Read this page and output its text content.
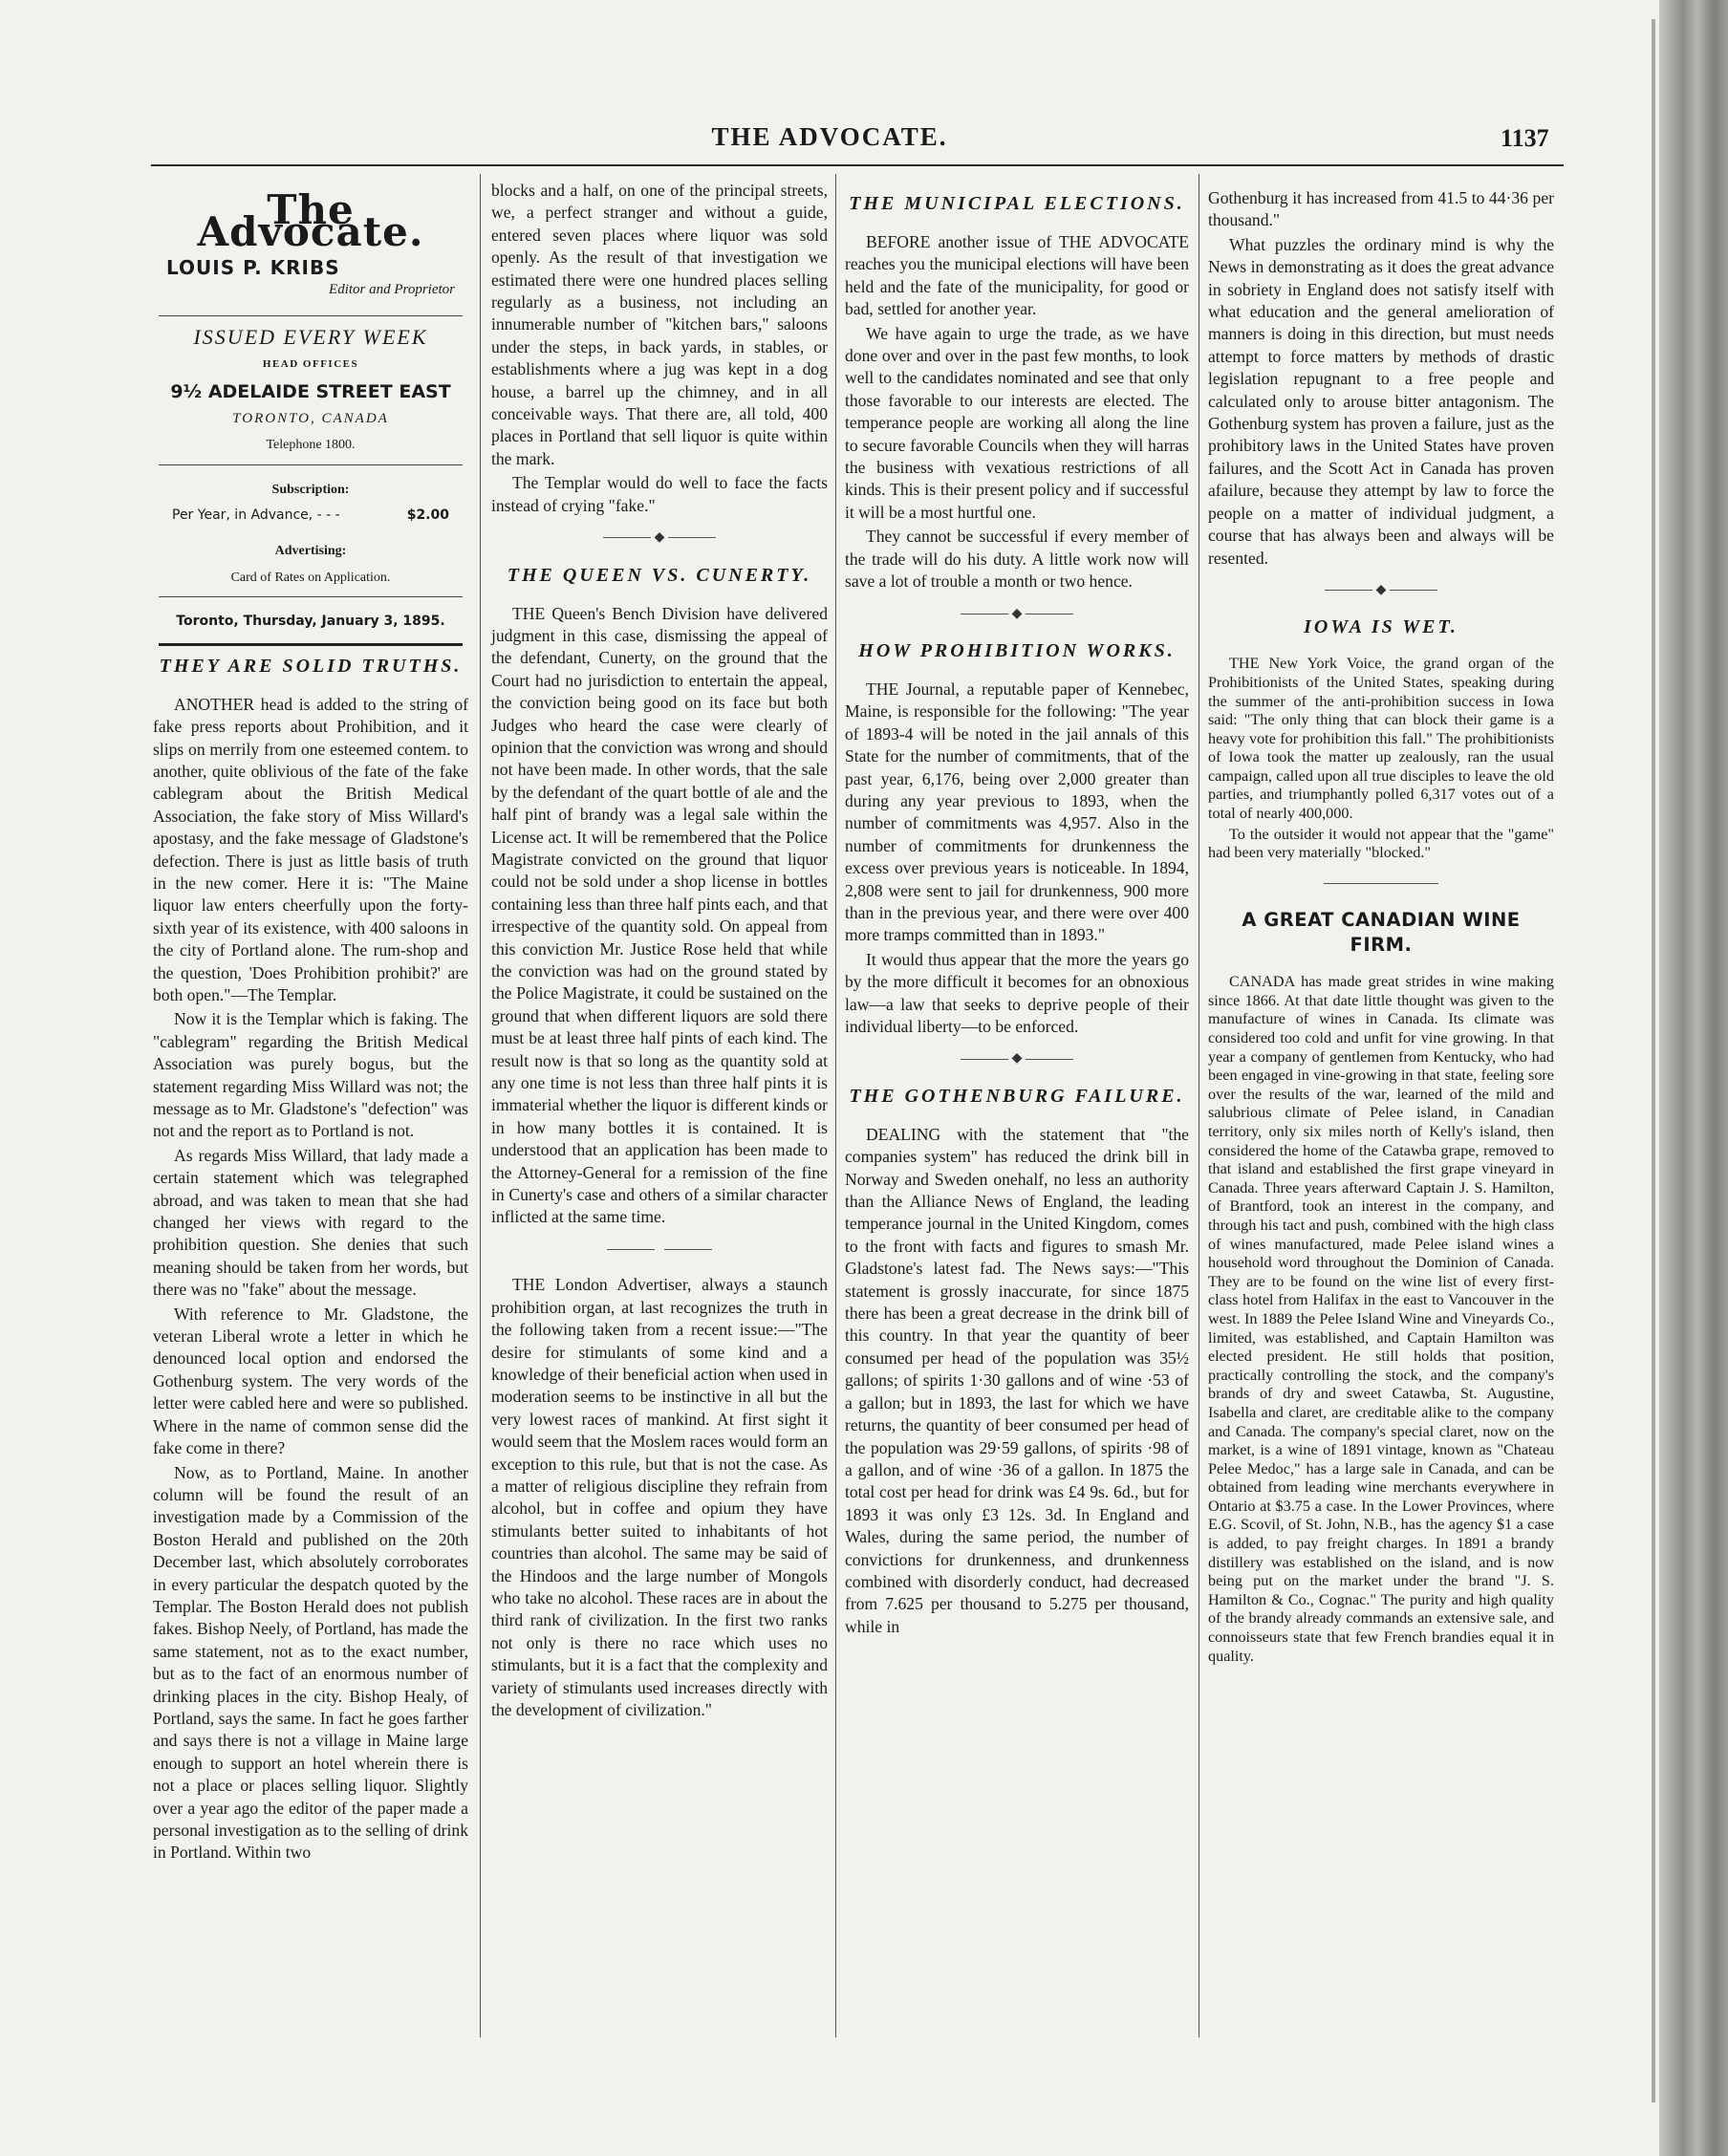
THE ADVOCATE.	1137
The Advocate.
LOUIS P. KRIBS
Editor and Proprietor
ISSUED EVERY WEEK
HEAD OFFICES
9½ ADELAIDE STREET EAST
TORONTO, CANADA
Telephone 1800.
Subscription:
Per Year, in Advance, - - -	$2.00
Advertising:
Card of Rates on Application.
Toronto, Thursday, January 3, 1895.
THEY ARE SOLID TRUTHS.

ANOTHER head is added to the string of fake press reports about Prohibition, and it slips on merrily from one esteemed contem. to another, quite oblivious of the fate of the fake cablegram about the British Medical Association, the fake story of Miss Willard's apostasy, and the fake message of Gladstone's defection. There is just as little basis of truth in the new comer. Here it is: "The Maine liquor law enters cheerfully upon the forty-sixth year of its existence, with 400 saloons in the city of Portland alone. The rum-shop and the question, 'Does Prohibition prohibit?' are both open."—The Templar.

Now it is the Templar which is faking. The "cablegram" regarding the British Medical Association was purely bogus, but the statement regarding Miss Willard was not; the message as to Mr. Gladstone's "defection" was not and the report as to Portland is not.

As regards Miss Willard, that lady made a certain statement which was telegraphed abroad, and was taken to mean that she had changed her views with regard to the prohibition question. She denies that such meaning should be taken from her words, but there was no "fake" about the message.

With reference to Mr. Gladstone, the veteran Liberal wrote a letter in which he denounced local option and endorsed the Gothenburg system. The very words of the letter were cabled here and were so published. Where in the name of common sense did the fake come in there?

Now, as to Portland, Maine. In another column will be found the result of an investigation made by a Commission of the Boston Herald and published on the 20th December last, which absolutely corroborates in every particular the despatch quoted by the Templar. The Boston Herald does not publish fakes. Bishop Neely, of Portland, has made the same statement, not as to the exact number, but as to the fact of an enormous number of drinking places in the city. Bishop Healy, of Portland, says the same. In fact he goes farther and says there is not a village in Maine large enough to support an hotel wherein there is not a place or places selling liquor. Slightly over a year ago the editor of the paper made a personal investigation as to the selling of drink in Portland. Within two

blocks and a half, on one of the principal streets, we, a perfect stranger and without a guide, entered seven places where liquor was sold openly. As the result of that investigation we estimated there were one hundred places selling regularly as a business, not including an innumerable number of "kitchen bars," saloons under the steps, in back yards, in stables, or establishments where a jug was kept in a dog house, a barrel up the chimney, and in all conceivable ways. That there are, all told, 400 places in Portland that sell liquor is quite within the mark.

The Templar would do well to face the facts instead of crying "fake."

◆
THE QUEEN VS. CUNERTY.

THE Queen's Bench Division have delivered judgment in this case, dismissing the appeal of the defendant, Cunerty, on the ground that the Court had no jurisdiction to entertain the appeal, the conviction being good on its face but both Judges who heard the case were clearly of opinion that the conviction was wrong and should not have been made. In other words, that the sale by the defendant of the quart bottle of ale and the half pint of brandy was a legal sale within the License act. It will be remembered that the Police Magistrate convicted on the ground that liquor could not be sold under a shop license in bottles containing less than three half pints each, and that irrespective of the quantity sold. On appeal from this conviction Mr. Justice Rose held that while the conviction was had on the ground stated by the Police Magistrate, it could be sustained on the ground that when different liquors are sold there must be at least three half pints of each kind. The result now is that so long as the quantity sold at any one time is not less than three half pints it is immaterial whether the liquor is different kinds or in how many bottles it is contained. It is understood that an application has been made to the Attorney-General for a remission of the fine in Cunerty's case and others of a similar character inflicted at the same time.

THE London Advertiser, always a staunch prohibition organ, at last recognizes the truth in the following taken from a recent issue:—"The desire for stimulants of some kind and a knowledge of their beneficial action when used in moderation seems to be instinctive in all but the very lowest races of mankind. At first sight it would seem that the Moslem races would form an exception to this rule, but that is not the case. As a matter of religious discipline they refrain from alcohol, but in coffee and opium they have stimulants better suited to inhabitants of hot countries than alcohol. The same may be said of the Hindoos and the large number of Mongols who take no alcohol. These races are in about the third rank of civilization. In the first two ranks not only is there no race which uses no stimulants, but it is a fact that the complexity and variety of stimulants used increases directly with the development of civilization."

THE MUNICIPAL ELECTIONS.

BEFORE another issue of THE ADVOCATE reaches you the municipal elections will have been held and the fate of the municipality, for good or bad, settled for another year.

We have again to urge the trade, as we have done over and over in the past few months, to look well to the candidates nominated and see that only those favorable to our interests are elected. The temperance people are working all along the line to secure favorable Councils when they will harras the business with vexatious restrictions of all kinds. This is their present policy and if successful it will be a most hurtful one.

They cannot be successful if every member of the trade will do his duty. A little work now will save a lot of trouble a month or two hence.

◆
HOW PROHIBITION WORKS.

THE Journal, a reputable paper of Kennebec, Maine, is responsible for the following: "The year of 1893-4 will be noted in the jail annals of this State for the number of commitments, that of the past year, 6,176, being over 2,000 greater than during any year previous to 1893, when the number of commitments was 4,957. Also in the number of commitments for drunkenness the excess over previous years is noticeable. In 1894, 2,808 were sent to jail for drunkenness, 900 more than in the previous year, and there were over 400 more tramps committed than in 1893."

It would thus appear that the more the years go by the more difficult it becomes for an obnoxious law—a law that seeks to deprive people of their individual liberty—to be enforced.

◆
THE GOTHENBURG FAILURE.

DEALING with the statement that "the companies system" has reduced the drink bill in Norway and Sweden onehalf, no less an authority than the Alliance News of England, the leading temperance journal in the United Kingdom, comes to the front with facts and figures to smash Mr. Gladstone's latest fad. The News says:—"This statement is grossly inaccurate, for since 1875 there has been a great decrease in the drink bill of this country. In that year the quantity of beer consumed per head of the population was 35½ gallons; of spirits 1·30 gallons and of wine ·53 of a gallon; but in 1893, the last for which we have returns, the quantity of beer consumed per head of the population was 29·59 gallons, of spirits ·98 of a gallon, and of wine ·36 of a gallon. In 1875 the total cost per head for drink was £4 9s. 6d., but for 1893 it was only £3 12s. 3d. In England and Wales, during the same period, the number of convictions for drunkenness, and drunkenness combined with disorderly conduct, had decreased from 7.625 per thousand to 5.275 per thousand, while in

Gothenburg it has increased from 41.5 to 44·36 per thousand."

What puzzles the ordinary mind is why the News in demonstrating as it does the great advance in sobriety in England does not satisfy itself with what education and the general amelioration of manners is doing in this direction, but must needs attempt to force matters by methods of drastic legislation repugnant to a free people and calculated only to arouse bitter antagonism. The Gothenburg system has proven a failure, just as the prohibitory laws in the United States have proven failures, and the Scott Act in Canada has proven afailure, because they attempt by law to force the people on a matter of individual judgment, a course that has always been and always will be resented.

◆
IOWA IS WET.

THE New York Voice, the grand organ of the Prohibitionists of the United States, speaking during the summer of the anti-prohibition success in Iowa said: "The only thing that can block their game is a heavy vote for prohibition this fall." The prohibitionists of Iowa took the matter up zealously, ran the usual campaign, called upon all true disciples to leave the old parties, and triumphantly polled 6,317 votes out of a total of nearly 400,000.

To the outsider it would not appear that the "game" had been very materially "blocked."

A GREAT CANADIAN WINE FIRM.

CANADA has made great strides in wine making since 1866. At that date little thought was given to the manufacture of wines in Canada. Its climate was considered too cold and unfit for vine growing. In that year a company of gentlemen from Kentucky, who had been engaged in vine-growing in that state, feeling sore over the results of the war, learned of the mild and salubrious climate of Pelee island, in Canadian territory, only six miles north of Kelly's island, then considered the home of the Catawba grape, removed to that island and established the first grape vineyard in Canada. Three years afterward Captain J. S. Hamilton, of Brantford, took an interest in the company, and through his tact and push, combined with the high class of wines manufactured, made Pelee island wines a household word throughout the Dominion of Canada. They are to be found on the wine list of every first-class hotel from Halifax in the east to Vancouver in the west. In 1889 the Pelee Island Wine and Vineyards Co., limited, was established, and Captain Hamilton was elected president. He still holds that position, practically controlling the stock, and the company's brands of dry and sweet Catawba, St. Augustine, Isabella and claret, are creditable alike to the company and Canada. The company's special claret, now on the market, is a wine of 1891 vintage, known as "Chateau Pelee Medoc," has a large sale in Canada, and can be obtained from leading wine merchants everywhere in Ontario at $3.75 a case. In the Lower Provinces, where E.G. Scovil, of St. John, N.B., has the agency $1 a case is added, to pay freight charges. In 1891 a brandy distillery was established on the island, and is now being put on the market under the brand "J. S. Hamilton & Co., Cognac." The purity and high quality of the brandy already commands an extensive sale, and connoisseurs state that few French brandies equal it in quality.
